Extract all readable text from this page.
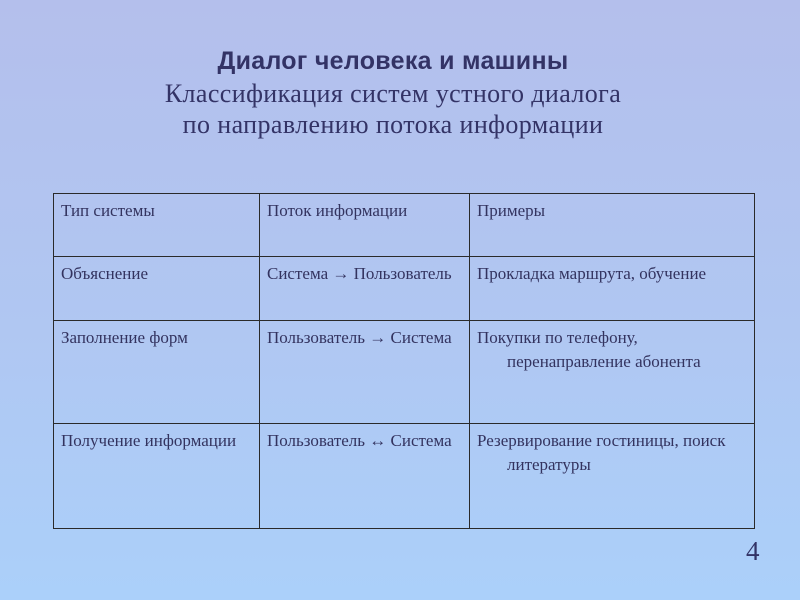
Диалог человека и машины
Классификация систем устного диалога
по направлению потока информации
Тип системы	Поток информации	Примеры

Объяснение	Система → Пользователь	Прокладка маршрута, обучение

Заполнение форм	Пользователь → Система	Покупки по телефону, перенаправление абонента

Получение информации	Пользователь ↔ Система	Резервирование гостиницы, поиск литературы
4
